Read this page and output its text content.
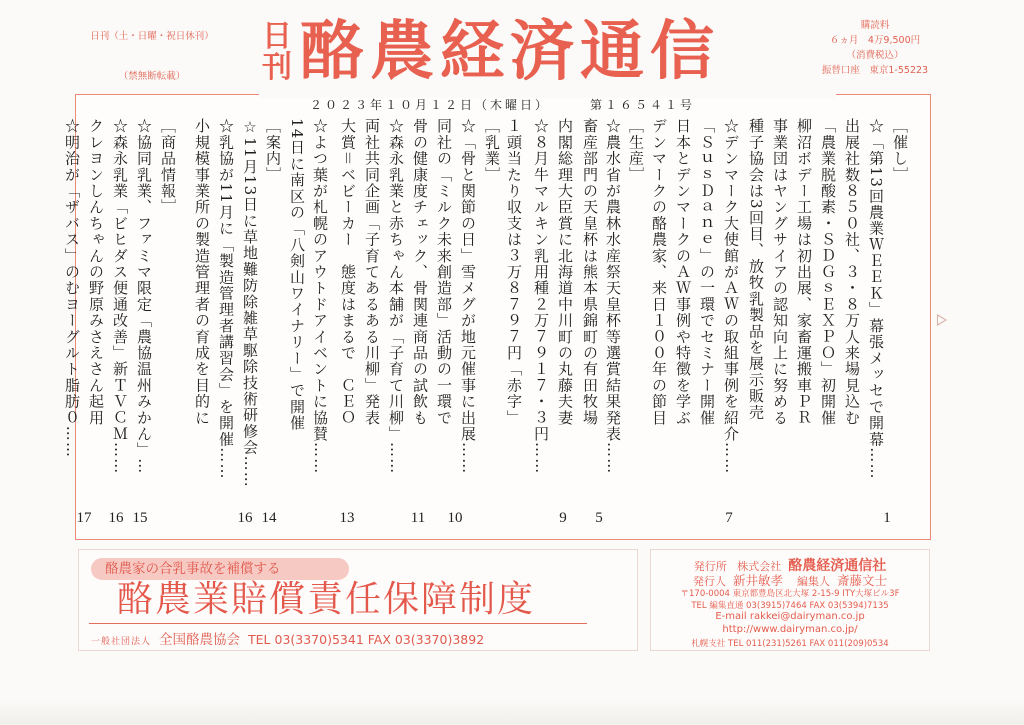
日刊（土・日曜・祝日休刊）
（禁無断転載）
日
刊 酪農経済通信	購読料
６ヵ月　4万9,500円
（消費税込）
振替口座　東京1-55223
２０２３年１０月１２日（木曜日）	第１６５４１号
［催し］
☆「第13回農業ＷＥＥＫ」幕張メッセで開幕……
出展社数８５０社、３・８万人来場見込む
「農業脱酸素・ＳＤＧｓＥＸＰＯ」初開催
柳沼ボデー工場は初出展、家畜運搬車ＰＲ
事業団はヤングサイアの認知向上に努める
種子協会は3回目、放牧乳製品を展示販売
☆デンマーク大使館がＡＷの取組事例を紹介……
「ＳｕｓＤａｎｅ」の一環でセミナー開催
日本とデンマークのＡＷ事例や特徴を学ぶ
デンマークの酪農家、来日１００年の節目
［生産］
☆農水省が農林水産祭天皇杯等選賞結果発表……
畜産部門の天皇杯は熊本県錦町の有田牧場
内閣総理大臣賞に北海道中川町の丸藤夫妻
☆８月牛マルキン乳用種２万７９１７・３円……
１頭当たり収支は３万８７９７円「赤字」
［乳業］
☆「骨と関節の日」雪メグが地元催事に出展……
同社の「ミルク未来創造部」活動の一環で
骨の健康度チェック、骨関連商品の試飲も
☆森永乳業と赤ちゃん本舗が「子育て川柳」……
両社共同企画「子育てあるある川柳」発表
大賞＝ベビーカー　態度はまるで　ＣＥＯ
☆よつ葉が札幌のアウトドアイベントに協賛……
14日に南区の「八剣山ワイナリー」で開催
［案内］
☆11月13日に草地難防除雑草駆除技術研修会……
☆乳協が11月に「製造管理者講習会」を開催……
小規模事業所の製造管理者の育成を目的に
［商品情報］
☆協同乳業、ファミマ限定「農協温州みかん」…
☆森永乳業「ビヒダス便通改善」新ＴＶＣＭ……
クレヨンしんちゃんの野原みさえさん起用
☆明治が「ザバス」のむヨーグルト脂肪０……
1
7
5
9
10
11
13
14
16
15
16
17
酪農家の合乳事故を補償する
酪農業賠償責任保障制度
一般社団法人 全国酪農協会 TEL 03(3370)5341 FAX 03(3370)3892
発行所 株式会社 酪農経済通信社
発行人 新井敏孝 編集人 斎藤文士
〒170-0004 東京都豊島区北大塚 2-15-9 ITY大塚ビル3F
TEL 編集直通 03(3915)7464 FAX 03(5394)7135
E-mail rakkei@dairyman.co.jp
http://www.dairyman.co.jp/
札幌支社 TEL 011(231)5261 FAX 011(209)0534
